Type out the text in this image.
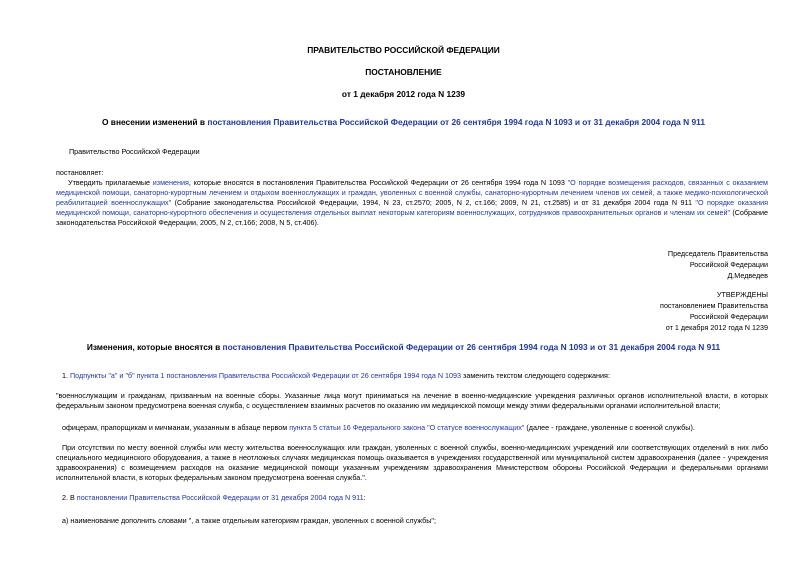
ПРАВИТЕЛЬСТВО РОССИЙСКОЙ ФЕДЕРАЦИИ
ПОСТАНОВЛЕНИЕ
от 1 декабря 2012 года N 1239
О внесении изменений в постановления Правительства Российской Федерации от 26 сентября 1994 года N 1093 и от 31 декабря 2004 года N 911
Правительство Российской Федерации
постановляет:
Утвердить прилагаемые изменения, которые вносятся в постановления Правительства Российской Федерации от 26 сентября 1994 года N 1093 "О порядке возмещения расходов, связанных с оказанием медицинской помощи, санаторно-курортным лечением и отдыхом военнослужащих и граждан, уволенных с военной службы, санаторно-курортным лечением членов их семей, а также медико-психологической реабилитацией военнослужащих" (Собрание законодательства Российской Федерации, 1994, N 23, ст.2570; 2005, N 2, ст.166; 2009, N 21, ст.2585) и от 31 декабря 2004 года N 911 "О порядке оказания медицинской помощи, санаторно-курортного обеспечения и осуществления отдельных выплат некоторым категориям военнослужащих, сотрудников правоохранительных органов и членам их семей" (Собрание законодательства Российской Федерации, 2005, N 2, ст.166; 2008, N 5, ст.406).
Председатель Правительства
Российской Федерации
Д.Медведев
УТВЕРЖДЕНЫ
постановлением Правительства
Российской Федерации
от 1 декабря 2012 года N 1239
Изменения, которые вносятся в постановления Правительства Российской Федерации от 26 сентября 1994 года N 1093 и от 31 декабря 2004 года N 911
1. Подпункты "а" и "б" пункта 1 постановления Правительства Российской Федерации от 26 сентября 1994 года N 1093 заменить текстом следующего содержания:
"военнослужащим и гражданам, призванным на военные сборы. Указанные лица могут приниматься на лечение в военно-медицинские учреждения различных органов исполнительной власти, в которых федеральным законом предусмотрена военная служба, с осуществлением взаимных расчетов по оказанию им медицинской помощи между этими федеральными органами исполнительной власти;
офицерам, прапорщикам и мичманам, указанным в абзаце первом пункта 5 статьи 16 Федерального закона "О статусе военнослужащих" (далее - граждане, уволенные с военной службы).
При отсутствии по месту военной службы или месту жительства военнослужащих или граждан, уволенных с военной службы, военно-медицинских учреждений или соответствующих отделений в них либо специального медицинского оборудования, а также в неотложных случаях медицинская помощь оказывается в учреждениях государственной или муниципальной систем здравоохранения (далее - учреждения здравоохранения) с возмещением расходов на оказание медицинской помощи указанным учреждениям здравоохранения Министерством обороны Российской Федерации и федеральными органами исполнительной власти, в которых федеральным законом предусмотрена военная служба.".
2. В постановлении Правительства Российской Федерации от 31 декабря 2004 года N 911:
а) наименование дополнить словами ", а также отдельным категориям граждан, уволенных с военной службы";
